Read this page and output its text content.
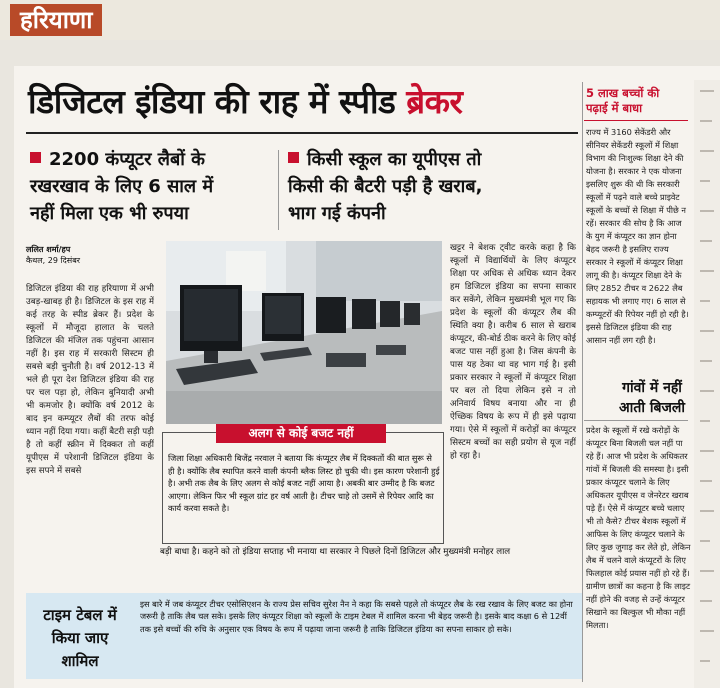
हरियाणा
डिजिटल इंडिया की राह में स्पीड ब्रेकर
2200 कंप्यूटर लैबों के
रखरखाव के लिए 6 साल में
नहीं मिला एक भी रुपया
किसी स्कूल का यूपीएस तो
किसी की बैटरी पड़ी है खराब,
भाग गई कंपनी
ललित शर्मा/हप
कैथल, 29 दिसंबर
डिजिटल इंडिया की राह हरियाणा में अभी उबड़-खाबड़ ही है। डिजिटल के इस राह में कई तरह के स्पीड ब्रेकर हैं। प्रदेश के स्कूलों में मौजूदा हालात के चलते डिजिटल की मंजिल तक पहुंचना आसान नहीं है। इस राह में सरकारी सिस्टम ही सबसे बड़ी चुनौती है। वर्ष 2012-13 में भले ही पूरा देश डिजिटल इंडिया की राह पर चल पड़ा हो, लेकिन बुनियादी अभी भी कमजोर है। क्योंकि वर्ष 2012 के बाद इन कम्प्यूटर लैबों की तरफ कोई ध्यान नहीं दिया गया। कहीं बैटरी सड़ी पड़ी है तो कहीं स्क्रीन में दिक्कत तो कहीं यूपीएस में परेशानी डिजिटल इंडिया के इस सपने में सबसे
खट्टर ने बेशक ट्वीट करके कहा है कि स्कूलों में विद्यार्थियों के लिए कंप्यूटर शिक्षा पर अधिक से अधिक ध्यान देकर हम डिजिटल इंडिया का सपना साकार कर सकेंगे, लेकिन मुख्यमंत्री भूल गए कि प्रदेश के स्कूलों की कंप्यूटर लैब की स्थिति क्या है। करीब 6 साल से खराब कंप्यूटर, की-बोर्ड ठीक करने के लिए कोई बजट पास नहीं हुआ है। जिस कंपनी के पास यह ठेका था वह भाग गई है। इसी प्रकार सरकार ने स्कूलों में कंप्यूटर शिक्षा पर बल तो दिया लेकिन इसे न तो अनिवार्य विषय बनाया और ना ही ऐच्छिक विषय के रूप में ही इसे पढ़ाया गया। ऐसे में स्कूलों में करोड़ों का कंप्यूटर सिस्टम बच्चों का सही प्रयोग से यूज नहीं हो रहा है।
अलग से कोई बजट नहीं
जिला शिक्षा अधिकारी बिजेंद्र नरवाल ने बताया कि कंप्यूटर लैब में दिक्कतों की बात सुरू से ही है। क्योंकि लैब स्थापित करने वाली कंपनी ब्लैक लिस्ट हो चुकी थी। इस कारण परेशानी हुई है। अभी तक लैब के लिए अलग से कोई बजट नहीं आया है। अबकी बार उम्मीद है कि बजट आएगा। लेकिन फिर भी स्कूल ग्रांट हर वर्ष आती है। टीचर चाहे तो उसमें से रिपेयर आदि का कार्य करवा सकते है।
बड़ी बाधा है। कहने को तो इंडिया सप्ताह भी मनाया था सरकार ने पिछले दिनों डिजिटल और मुख्यमंत्री मनोहर लाल
टाइम टेबल में
किया जाए
शामिल
इस बारे में जब कंप्यूटर टीचर एसोसिएशन के राज्य प्रेस सचिव सुरेश नैन ने कहा कि सबसे पहले तो कंप्यूटर लैब के रख रखाव के लिए बजट का होना जरूरी है ताकि लैब चल सके। इसके लिए कंप्यूटर शिक्षा को स्कूलों के टाइम टेबल में शामिल करना भी बेहद जरूरी है। इसके बाद कक्षा 6 से 12वीं तक इसे बच्चों की रुचि के अनुसार एक विषय के रूप में पढ़ाया जाना जरूरी है ताकि डिजिटल इंडिया का सपना साकार हो सके।
5 लाख बच्चों की
पढ़ाई में बाधा
राज्य में 3160 सेकेंडरी और सीनियर सेकेंडरी स्कूलों में शिक्षा विभाग की निःशुल्क शिक्षा देने की योजना है। सरकार ने एक योजना इसलिए शुरू की थी कि सरकारी स्कूलों में पढ़ने वाले बच्चे प्राइवेट स्कूलों के बच्चों से शिक्षा में पीछे न रहें। सरकार की सोच है कि आज के युग में कंप्यूटर का ज्ञान होना बेहद जरूरी है इसलिए राज्य सरकार ने स्कूलों में कंप्यूटर शिक्षा लागू की है। कंप्यूटर शिक्षा देने के लिए 2852 टीचर व 2622 लैब सहायक भी लगाए गए। 6 साल से कम्प्यूटरों की रिपेयर नहीं हो रही है। इससे डिजिटल इंडिया की राह आसान नहीं लग रही है।
गांवों में नहीं
आती बिजली
प्रदेश के स्कूलों में रखे करोड़ों के कंप्यूटर बिना बिजली चल नहीं पा रहे हैं। आज भी प्रदेश के अधिकतर गांवों में बिजली की समस्या है। इसी प्रकार कंप्यूटर चलाने के लिए अधिकतर यूपीएस व जेनरेटर खराब पड़े हैं। ऐसे में कंप्यूटर बच्चे चलाए भी तो कैसे? टीचर बेशक स्कूलों में आफिस के लिए कंप्यूटर चलाने के लिए कुछ जुगाड़ कर लेते हो, लेकिन लैब में चलने वाले कंप्यूटरों के लिए फिलहाल कोई प्रयास नहीं हो रहे हैं। ग्रामीण छात्रों का कहना है कि लाइट नहीं होने की वजह से उन्हें कंप्यूटर सिखाने का बिल्कुल भी मौका नहीं मिलता।
